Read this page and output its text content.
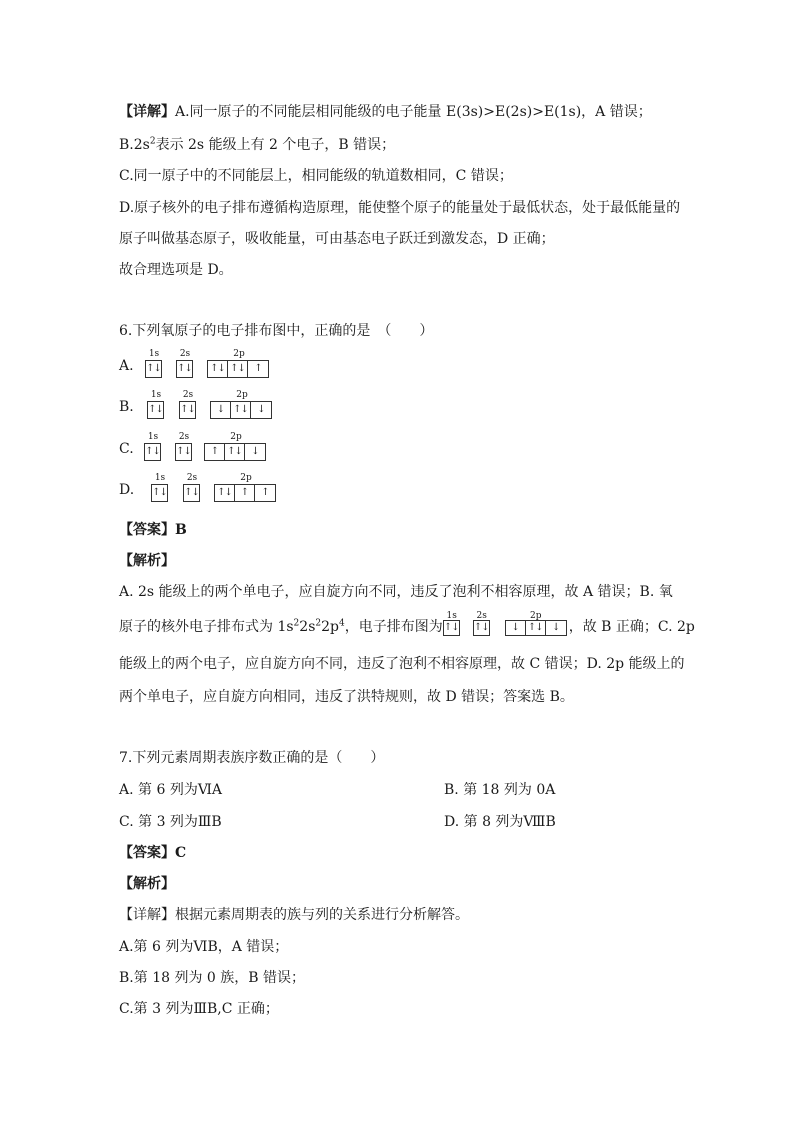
【详解】A.同一原子的不同能层相同能级的电子能量 E(3s)>E(2s)>E(1s)，A 错误；
$B.2s^2$表示 2s 能级上有 2 个电子，B 错误；
C.同一原子中的不同能层上，相同能级的轨道数相同，C 错误；
D.原子核外的电子排布遵循构造原理，能使整个原子的能量处于最低状态，处于最低能量的
原子叫做基态原子，吸收能量，可由基态电子跃迁到激发态，D 正确；
故合理选项是 D。
6.下列氧原子的电子排布图中，正确的是　（　　）
A.
1s
↑↓
2s
↑↓
2p
↑↓ ↑↓ ↑
B.
1s
↑↓
2s
↑↓
2p
↓ ↑↓ ↓
C.
1s
↑↓
2s
↑↓
2p
↑ ↑↓ ↓
D.
1s
↑↓
2s
↑↓
2p
↑↓ ↑	↑
【答案】B
【解析】
A. 2s 能级上的两个单电子，应自旋方向不同，违反了泡利不相容原理，故 A 错误；B. 氧
原子的核外电子排布式为 $1s^22s^22p^4$，电子排布图为
1s
↑↓
2s
↑↓
2p
↓ ↑↓ ↓ ，故 B 正确；C. 2p
能级上的两个电子，应自旋方向不同，违反了泡利不相容原理，故 C 错误；D. 2p 能级上的
两个单电子，应自旋方向相同，违反了洪特规则，故 D 错误；答案选 B。
7.下列元素周期表族序数正确的是（　　）
A. 第 6 列为ⅥA	B. 第 18 列为 0A
C. 第 3 列为ⅢB	D. 第 8 列为ⅧB
【答案】C
【解析】
【详解】根据元素周期表的族与列的关系进行分析解答。
A.第 6 列为ⅥB，A 错误；
B.第 18 列为 0 族，B 错误；
C.第 3 列为ⅢB,C 正确；
